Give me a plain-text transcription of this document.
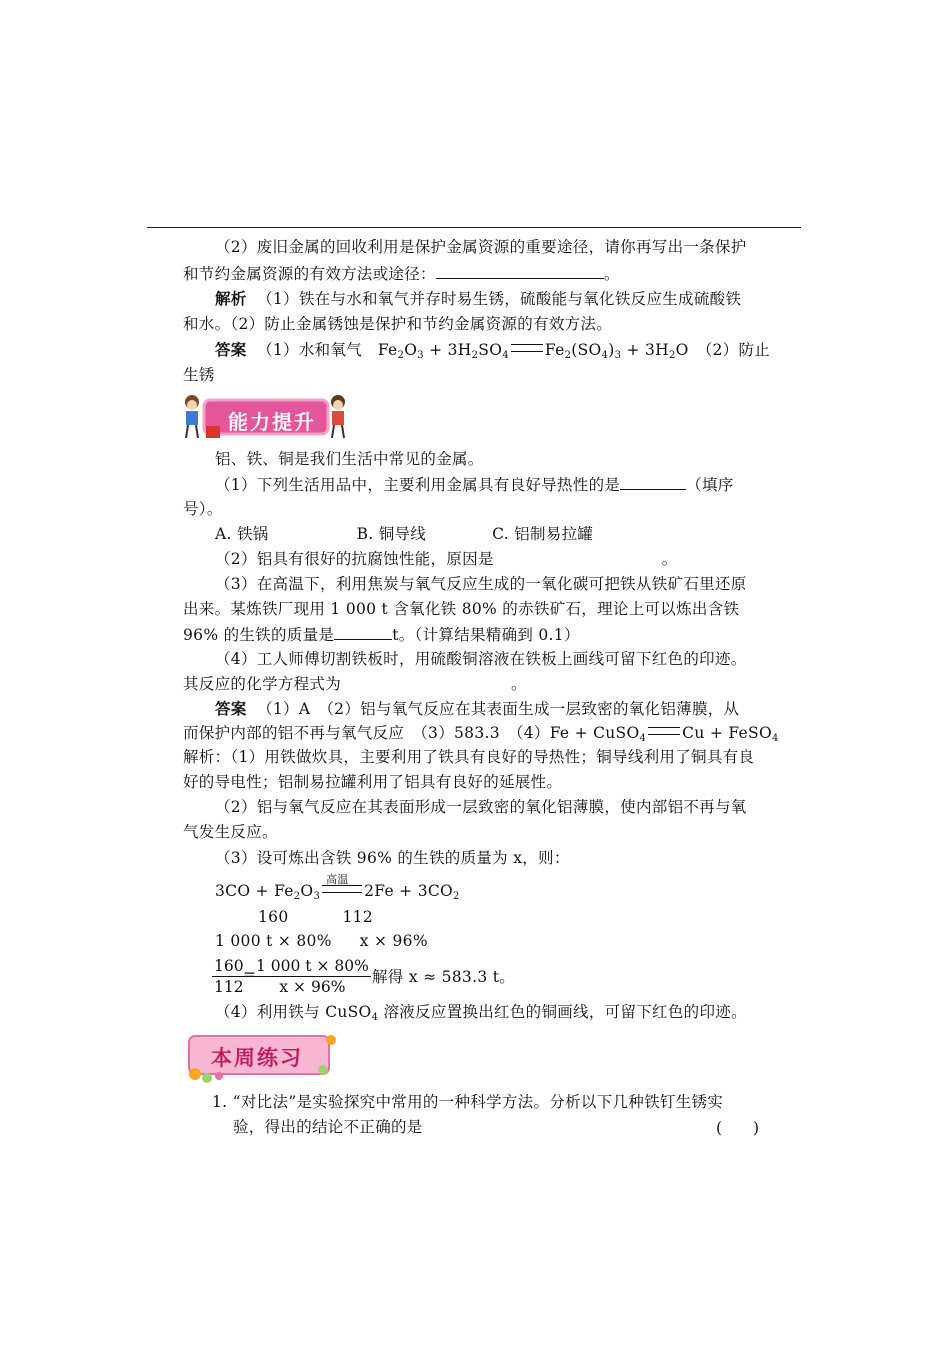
（2）废旧金属的回收利用是保护金属资源的重要途径，请你再写出一条保护
和节约金属资源的有效方法或途径：	。
解析 （1）铁在与水和氧气并存时易生锈，硫酸能与氧化铁反应生成硫酸铁
和水。（2）防止金属锈蚀是保护和节约金属资源的有效方法。
答案 （1）水和氧气　$Fe_2O_3 + 3H_2SO_4$ $Fe_2(SO_4)_3 + 3H_2O$　（2）防止
生锈
能力提升
铝、铁、铜是我们生活中常见的金属。
（1）下列生活用品中，主要利用金属具有良好导热性的是	（填序
号）。
A. 铁锅	B. 铜导线	C. 铝制易拉罐
（2）铝具有很好的抗腐蚀性能，原因是	。
（3）在高温下，利用焦炭与氧气反应生成的一氧化碳可把铁从铁矿石里还原
出来。某炼铁厂现用 1 000 t 含氧化铁 80% 的赤铁矿石，理论上可以炼出含铁
96% 的生铁的质量是	t。（计算结果精确到 0.1）
（4）工人师傅切割铁板时，用硫酸铜溶液在铁板上画线可留下红色的印迹。
其反应的化学方程式为	。
答案 （1）A　（2）铝与氧气反应在其表面生成一层致密的氧化铝薄膜，从
而保护内部的铝不再与氧气反应　（3）583.3　（4）Fe + CuSO$_4$ Cu + FeSO$_4$
解析：（1）用铁做炊具，主要利用了铁具有良好的导热性；铜导线利用了铜具有良
好的导电性；铝制易拉罐利用了铝具有良好的延展性。
（2）铝与氧气反应在其表面形成一层致密的氧化铝薄膜，使内部铝不再与氧
气发生反应。
（3）设可炼出含铁 96% 的生铁的质量为 x，则：
$3CO + Fe_2O_3$
高温
$2Fe + 3CO_2$
160	112
1 000 t × 80% x × 96%
$\frac{160}{112}$
=
$\frac{1 000 t \times 80\%}{x \times 96\%}$ 解得 x ≈ 583.3 t。
（4）利用铁与 CuSO$_4$ 溶液反应置换出红色的铜画线，可留下红色的印迹。
本周练习
1. “对比法”是实验探究中常用的一种科学方法。分析以下几种铁钉生锈实
验，得出的结论不正确的是	(　　)
